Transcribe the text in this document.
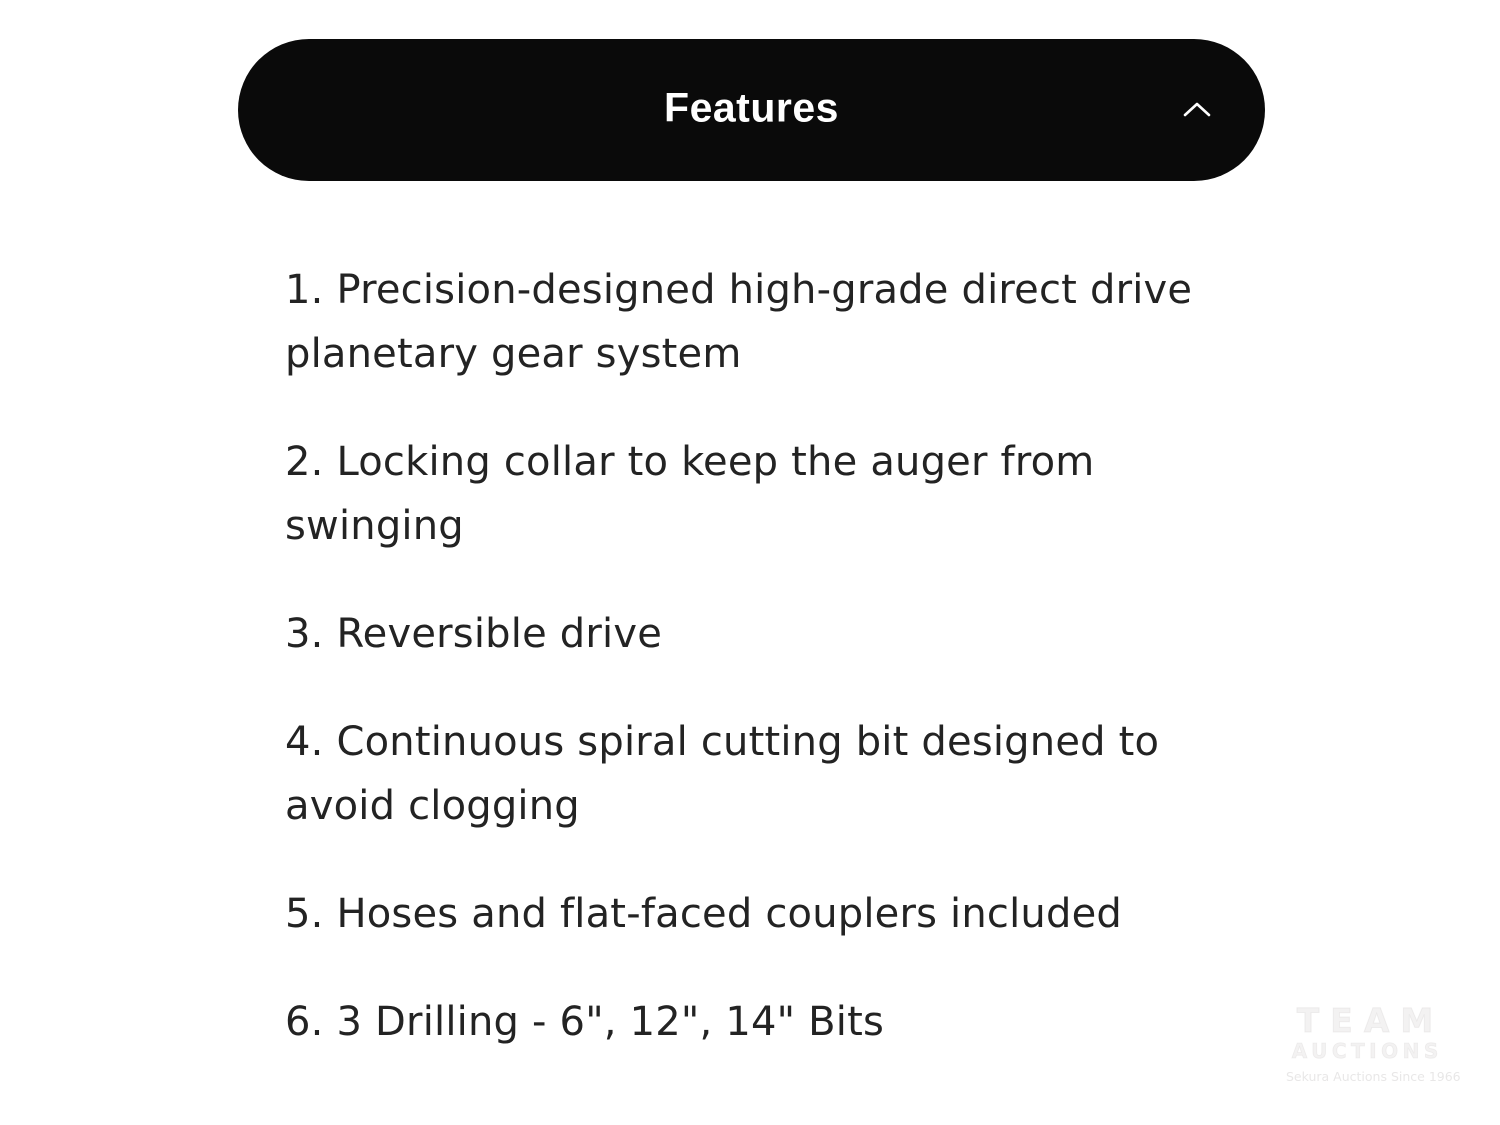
Features

1. Precision-designed high-grade direct drive planetary gear system

2. Locking collar to keep the auger from swinging

3. Reversible drive

4. Continuous spiral cutting bit designed to avoid clogging

5. Hoses and flat-faced couplers included

6. 3 Drilling - 6", 12", 14" Bits	TEAM
AUCTIONS
Sekura Auctions Since 1966
